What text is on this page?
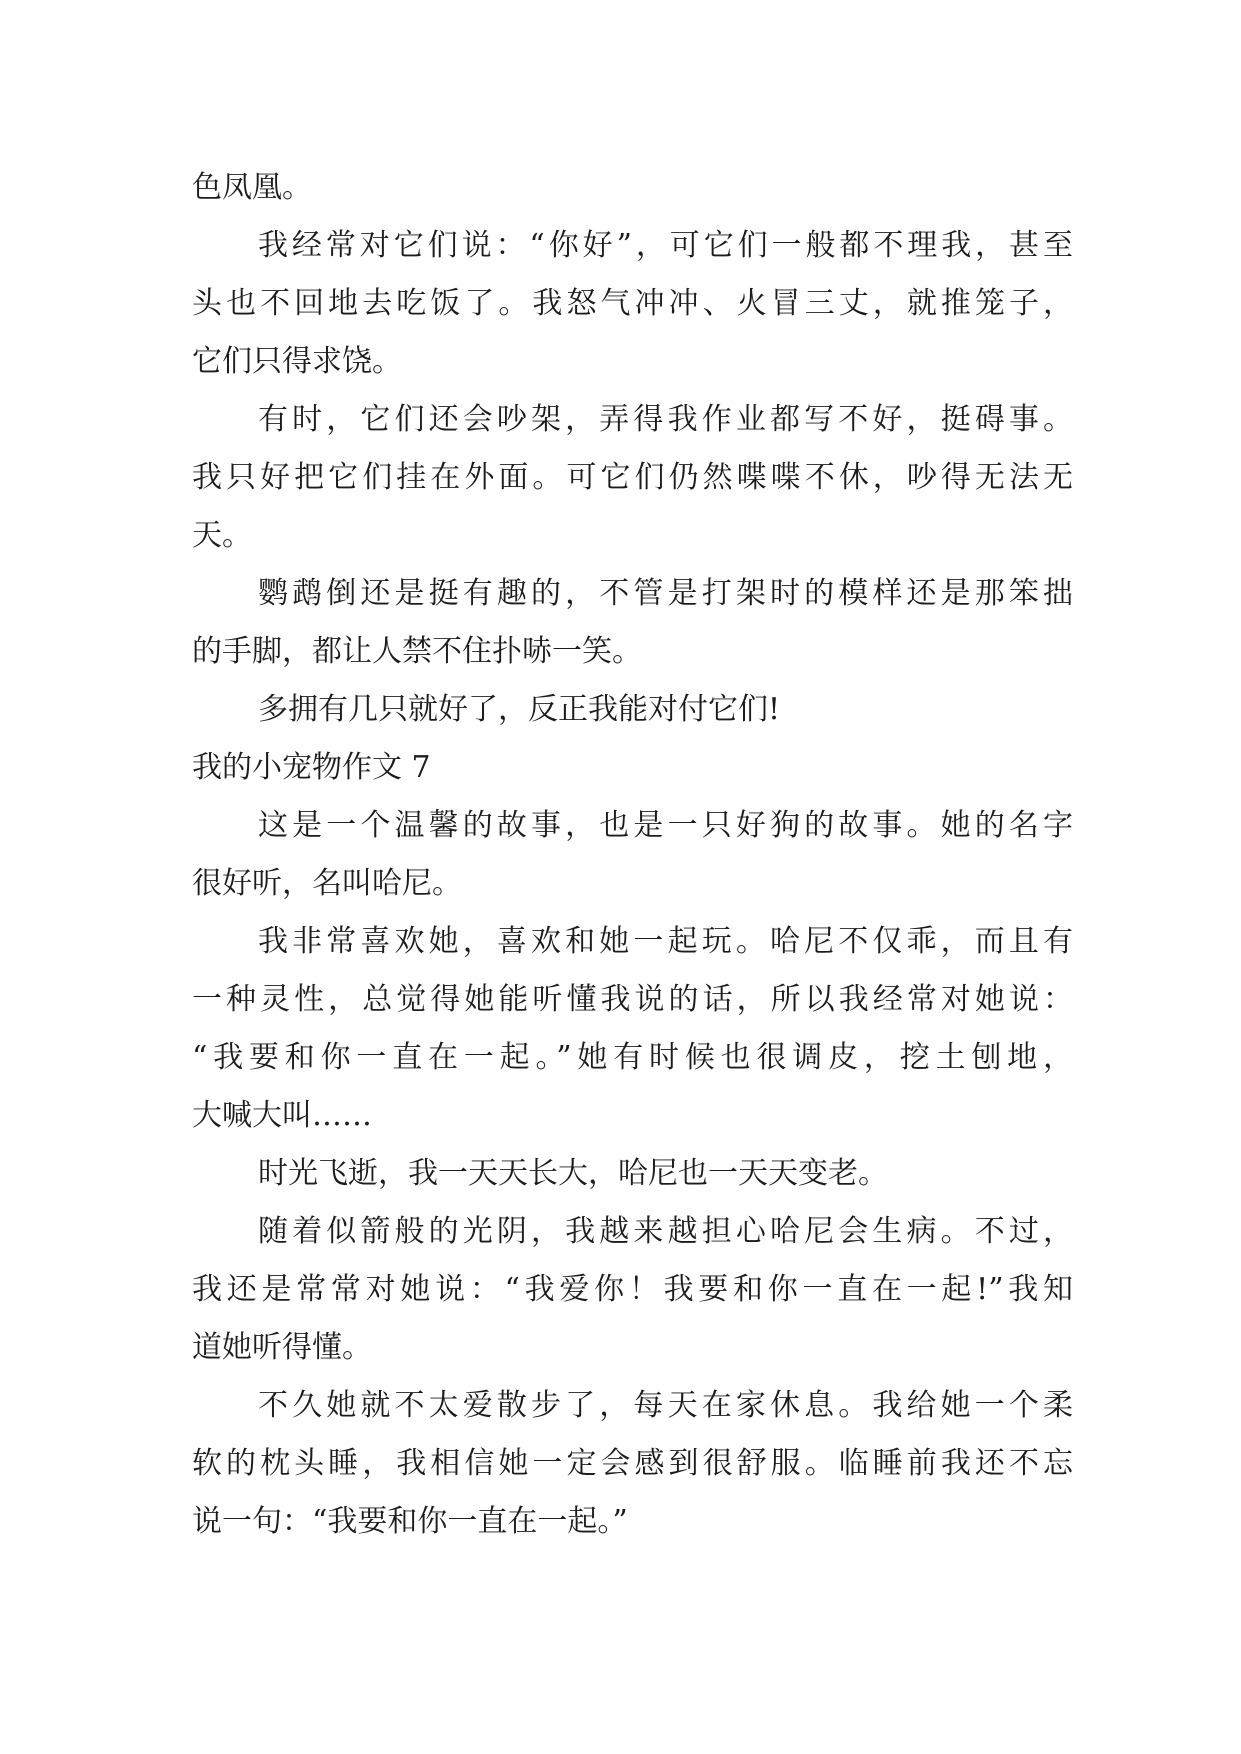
色凤凰。
我经常对它们说：“你好”，可它们一般都不理我，甚至
头也不回地去吃饭了。我怒气冲冲、火冒三丈，就推笼子，
它们只得求饶。
有时，它们还会吵架，弄得我作业都写不好，挺碍事。
我只好把它们挂在外面。可它们仍然喋喋不休，吵得无法无
天。
鹦鹉倒还是挺有趣的，不管是打架时的模样还是那笨拙
的手脚，都让人禁不住扑哧一笑。
多拥有几只就好了，反正我能对付它们!
我的小宠物作文 7
这是一个温馨的故事，也是一只好狗的故事。她的名字
很好听，名叫哈尼。
我非常喜欢她，喜欢和她一起玩。哈尼不仅乖，而且有
一种灵性，总觉得她能听懂我说的话，所以我经常对她说：
“我要和你一直在一起。”她有时候也很调皮，挖土刨地，
大喊大叫……
时光飞逝，我一天天长大，哈尼也一天天变老。
随着似箭般的光阴，我越来越担心哈尼会生病。不过，
我还是常常对她说：“我爱你！我要和你一直在一起!”我知
道她听得懂。
不久她就不太爱散步了，每天在家休息。我给她一个柔
软的枕头睡，我相信她一定会感到很舒服。临睡前我还不忘
说一句：“我要和你一直在一起。”
